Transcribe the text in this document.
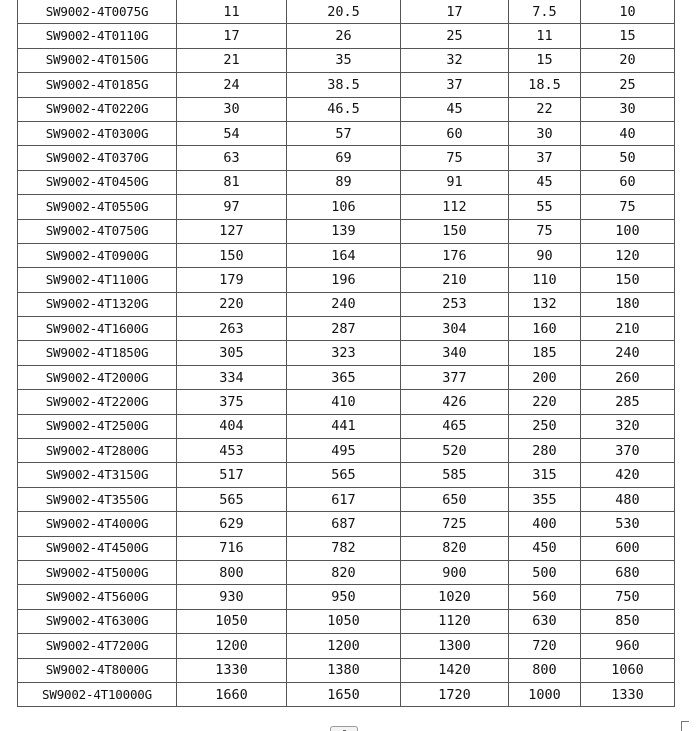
SW9002-4T0075G	11	20.5	17	7.5	10
SW9002-4T0110G	17	26	25	11	15
SW9002-4T0150G	21	35	32	15	20
SW9002-4T0185G	24	38.5	37	18.5	25
SW9002-4T0220G	30	46.5	45	22	30
SW9002-4T0300G	54	57	60	30	40
SW9002-4T0370G	63	69	75	37	50
SW9002-4T0450G	81	89	91	45	60
SW9002-4T0550G	97	106	112	55	75
SW9002-4T0750G	127	139	150	75	100
SW9002-4T0900G	150	164	176	90	120
SW9002-4T1100G	179	196	210	110	150
SW9002-4T1320G	220	240	253	132	180
SW9002-4T1600G	263	287	304	160	210
SW9002-4T1850G	305	323	340	185	240
SW9002-4T2000G	334	365	377	200	260
SW9002-4T2200G	375	410	426	220	285
SW9002-4T2500G	404	441	465	250	320
SW9002-4T2800G	453	495	520	280	370
SW9002-4T3150G	517	565	585	315	420
SW9002-4T3550G	565	617	650	355	480
SW9002-4T4000G	629	687	725	400	530
SW9002-4T4500G	716	782	820	450	600
SW9002-4T5000G	800	820	900	500	680
SW9002-4T5600G	930	950	1020	560	750
SW9002-4T6300G	1050	1050	1120	630	850
SW9002-4T7200G	1200	1200	1300	720	960
SW9002-4T8000G	1330	1380	1420	800	1060
SW9002-4T10000G	1660	1650	1720	1000	1330
